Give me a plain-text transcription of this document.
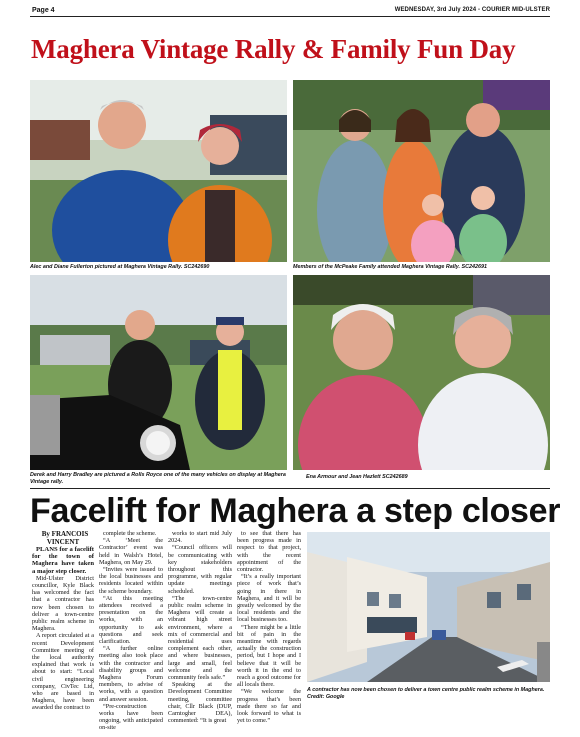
Page 4	WEDNESDAY, 3rd July 2024 - COURIER MID-ULSTER
Maghera Vintage Rally & Family Fun Day
Alec and Diane Fullerton pictured at Maghera Vintage Rally. SC242690	Members of the McPeake Family attended Maghera Vintage Rally. SC242691
Derek and Harry Bradley are pictured a Rolls Royce one of the many vehicles on display at Maghera Vintage rally.
Ena Armour and Jean Hazlett SC242689
Facelift for Maghera a step closer

By FRANCOIS VINCENT

PLANS for a facelift for the town of Maghera have taken a major step closer.

Mid-Ulster District councillor, Kyle Black has welcomed the fact that a contractor has now been chosen to deliver a town-centre public realm scheme in Maghera.

A report circulated at a recent Development Committee meeting of the local authority explained that work is about to start: “Local civil engineering company, CivTec Ltd, who are based in Maghera, have been awarded the contract to

complete the scheme.

“A ‘Meet the Contractor’ event was held in Walsh’s Hotel, Maghera, on May 29.

“Invites were issued to the local businesses and residents located within the scheme boundary.

“At this meeting attendees received a presentation on the works, with an opportunity to ask questions and seek clarification.

“A further online meeting also took place with the contractor and disability groups and Maghera Forum members, to advise of works, with a question and answer session.

“Pre-construction works have been ongoing, with anticipated on-site

works to start mid July 2024.

“Council officers will be communicating with key stakeholders throughout this programme, with regular update meetings scheduled.

“The town-centre public realm scheme in Maghera will create a vibrant high street environment, where a mix of commercial and residential uses complement each other, and where businesses, large and small, feel welcome and the community feels safe.”

Speaking at the Development Committee meeting, committee chair, Cllr Black (DUP, Carntogher DEA), commented: “It is great

to see that there has been progress made in respect to that project, with the recent appointment of the contractor.

“It’s a really important piece of work that’s going in there in Maghera, and it will be greatly welcomed by the local residents and the local businesses too.

“There might be a little bit of pain in the meantime with regards actually the construction period, but I hope and I believe that it will be worth it in the end to reach a good outcome for all locals there.

“We welcome the progress that’s been made there so far and look forward to what is yet to come.”

A contractor has now been chosen to deliver a town centre public realm scheme in Maghera. Credit: Google
